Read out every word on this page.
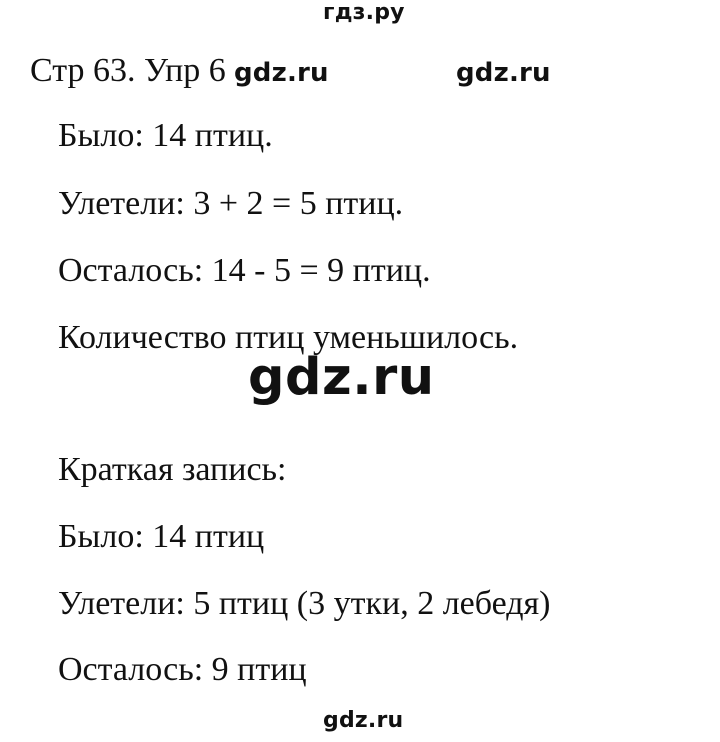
гдз.ру
Стр 63. Упр 6 gdz.ru	gdz.ru
Было: 14 птиц.
Улетели: 3 + 2 = 5 птиц.
Осталось: 14 - 5 = 9 птиц.
Количество птиц уменьшилось.
gdz.ru
Краткая запись:
Было: 14 птиц
Улетели: 5 птиц (3 утки, 2 лебедя)
Осталось: 9 птиц
gdz.ru
